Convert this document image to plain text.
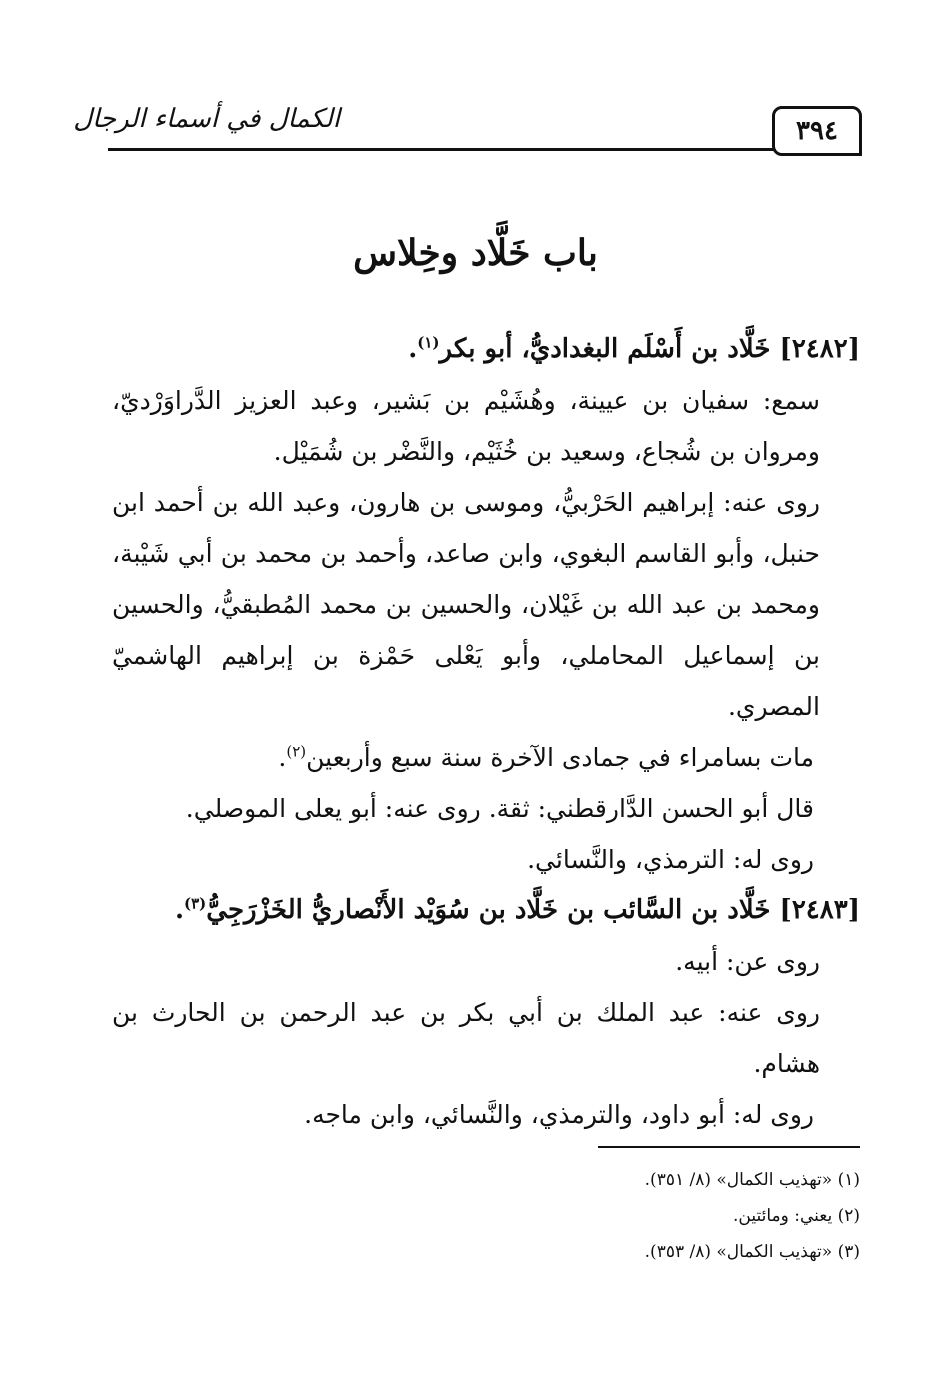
٣٩٤
الكمال في أسماء الرجال
باب خَلَّاد وخِلاس

[٢٤٨٢] خَلَّاد بن أَسْلَم البغداديُّ، أبو بكر$^{(١)}$.

سمع: سفيان بن عيينة، وهُشَيْم بن بَشير، وعبد العزيز الدَّراوَرْديّ، ومروان بن شُجاع، وسعيد بن خُثَيْم، والنَّضْر بن شُمَيْل.

روى عنه: إبراهيم الحَرْبيُّ، وموسى بن هارون، وعبد الله بن أحمد ابن حنبل، وأبو القاسم البغوي، وابن صاعد، وأحمد بن محمد بن أبي شَيْبة، ومحمد بن عبد الله بن غَيْلان، والحسين بن محمد المُطبقيُّ، والحسين بن إسماعيل المحاملي، وأبو يَعْلى حَمْزة بن إبراهيم الهاشميّ المصري.

مات بسامراء في جمادى الآخرة سنة سبع وأربعين$^{(٢)}$.

قال أبو الحسن الدَّارقطني: ثقة. روى عنه: أبو يعلى الموصلي.

روى له: الترمذي، والنَّسائي.

[٢٤٨٣] خَلَّاد بن السَّائب بن خَلَّاد بن سُوَيْد الأَنْصاريُّ الخَزْرَجِيُّ$^{(٣)}$.

روى عن: أبيه.

روى عنه: عبد الملك بن أبي بكر بن عبد الرحمن بن الحارث بن هشام.

روى له: أبو داود، والترمذي، والنَّسائي، وابن ماجه.

(١) «تهذيب الكمال» (٨/ ٣٥١).

(٢) يعني: ومائتين.

(٣) «تهذيب الكمال» (٨/ ٣٥٣).
